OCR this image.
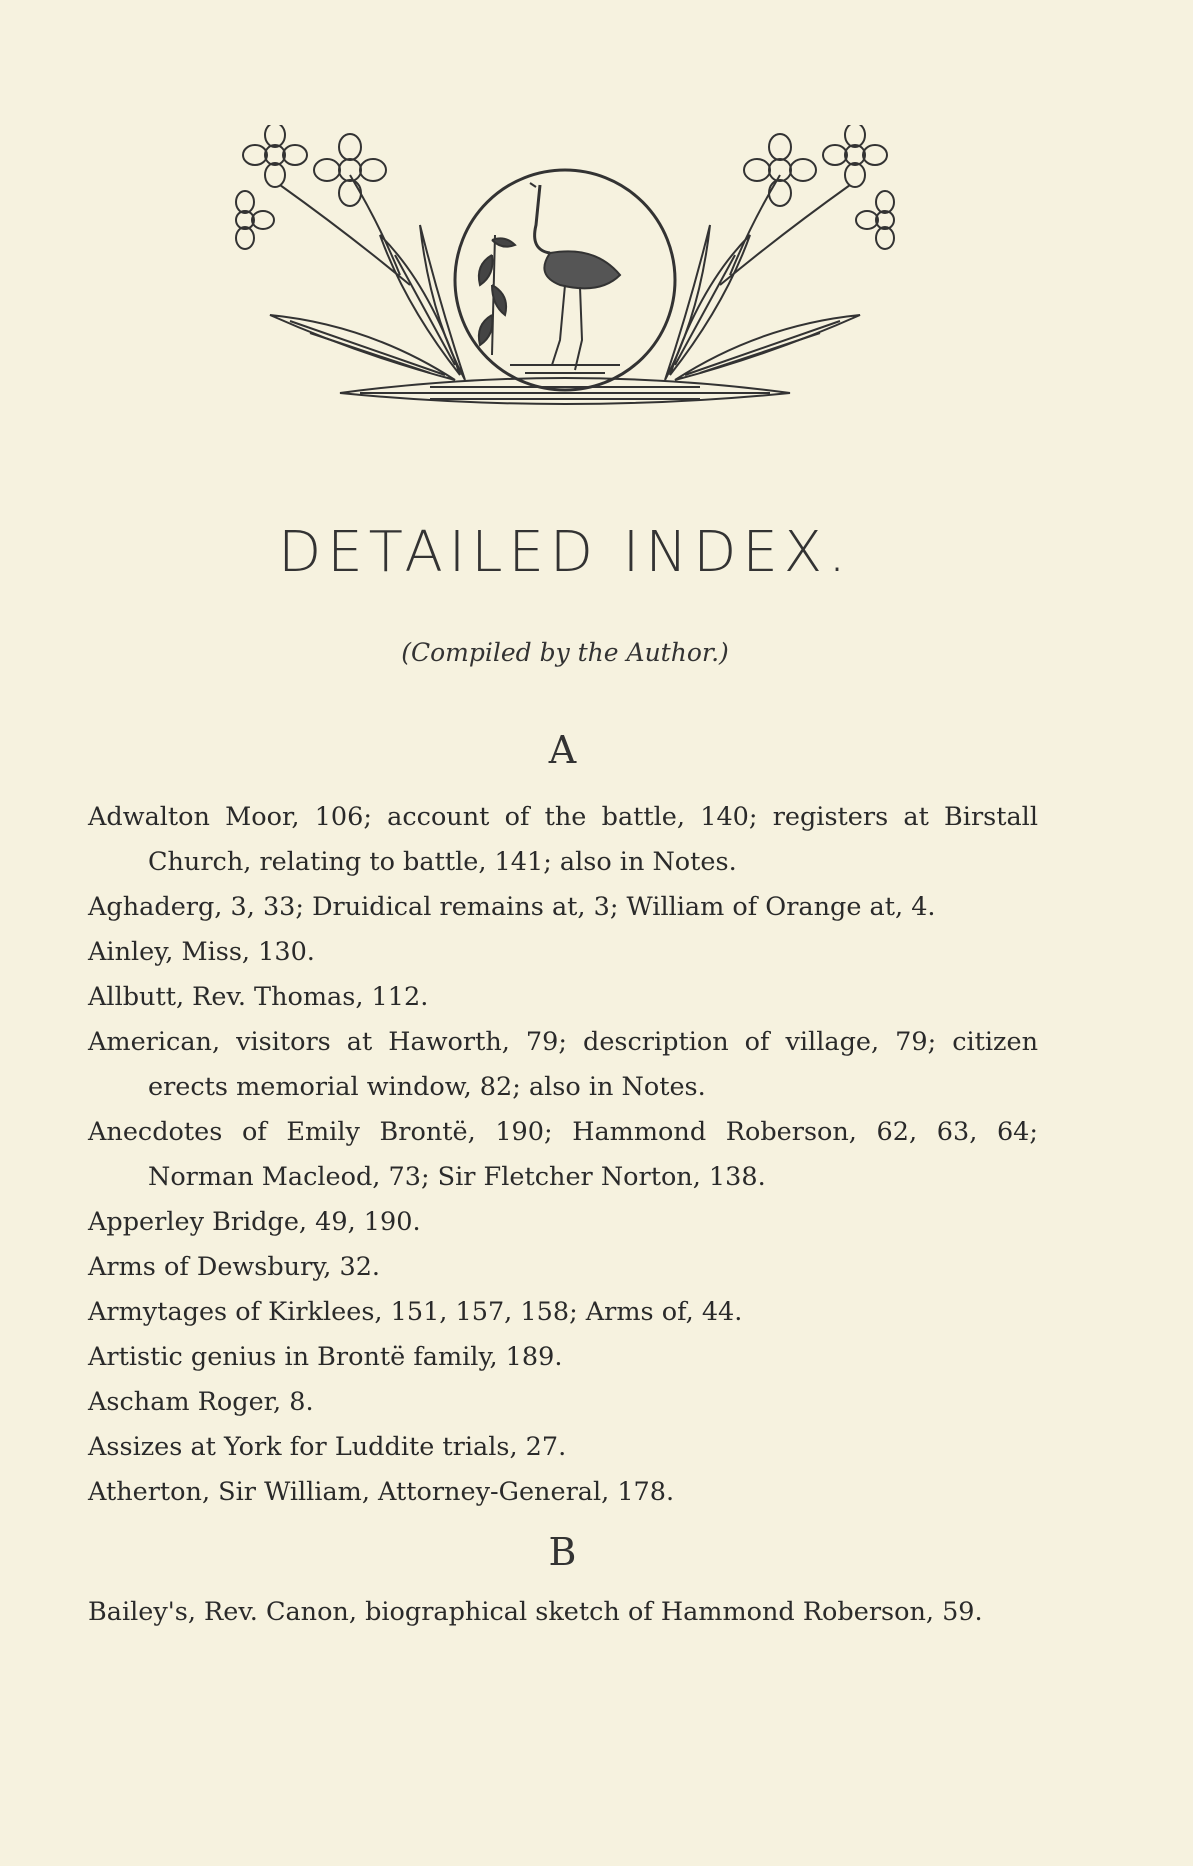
DETAILED INDEX.
(Compiled by the Author.)
A

Adwalton Moor, 106; account of the battle, 140; registers at Birstall Church, relating to battle, 141; also in Notes.

Aghaderg, 3, 33; Druidical remains at, 3; William of Orange at, 4.

Ainley, Miss, 130.

Allbutt, Rev. Thomas, 112.

American, visitors at Haworth, 79; description of village, 79; citizen erects memorial window, 82; also in Notes.

Anecdotes of Emily Brontë, 190; Hammond Roberson, 62, 63, 64; Norman Macleod, 73; Sir Fletcher Norton, 138.

Apperley Bridge, 49, 190.

Arms of Dewsbury, 32.

Armytages of Kirklees, 151, 157, 158; Arms of, 44.

Artistic genius in Brontë family, 189.

Ascham Roger, 8.

Assizes at York for Luddite trials, 27.

Atherton, Sir William, Attorney-General, 178.

B

Bailey's, Rev. Canon, biographical sketch of Hammond Roberson, 59.
